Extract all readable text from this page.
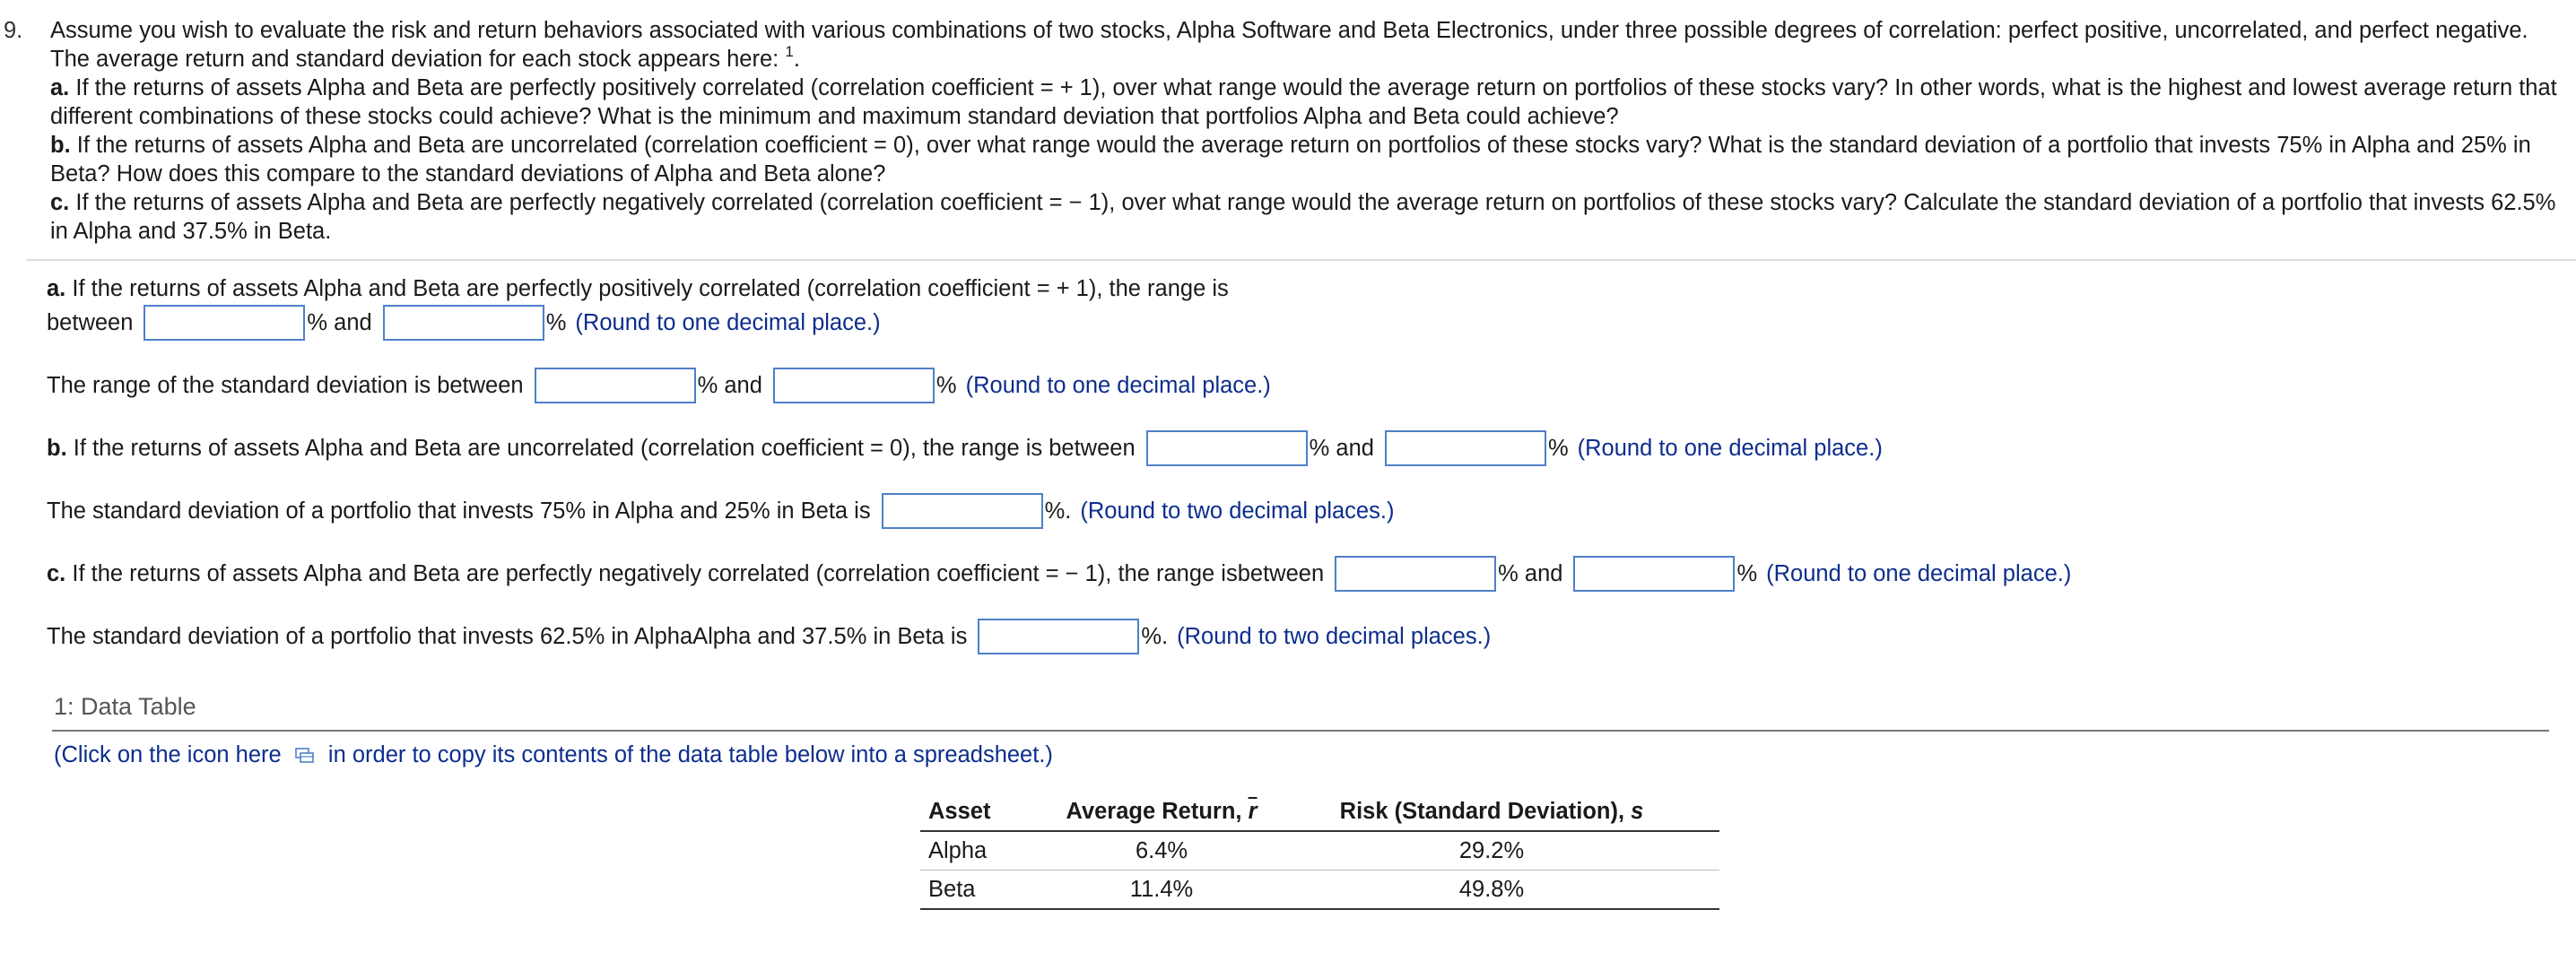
9.	Assume you wish to evaluate the risk and return behaviors associated with various combinations of two stocks, Alpha Software and Beta Electronics, under three possible degrees of correlation: perfect positive, uncorrelated, and perfect negative. The average return and standard deviation for each stock appears here: $^1$.

a. If the returns of assets Alpha and Beta are perfectly positively correlated (correlation coefficient = + 1), over what range would the average return on portfolios of these stocks vary? In other words, what is the highest and lowest average return that different combinations of these stocks could achieve? What is the minimum and maximum standard deviation that portfolios Alpha and Beta could achieve?

b. If the returns of assets Alpha and Beta are uncorrelated (correlation coefficient = 0), over what range would the average return on portfolios of these stocks vary? What is the standard deviation of a portfolio that invests 75% in Alpha and 25% in Beta? How does this compare to the standard deviations of Alpha and Beta alone?

c. If the returns of assets Alpha and Beta are perfectly negatively correlated (correlation coefficient = − 1), over what range would the average return on portfolios of these stocks vary? Calculate the standard deviation of a portfolio that invests 62.5% in Alpha and 37.5% in Beta.

a.
If the returns of assets Alpha and Beta are perfectly positively correlated (correlation coefficient = + 1), the range is
between	% and	% (Round to one decimal place.)
The range of the standard deviation is between	% and	% (Round to one decimal place.)
b.
If the returns of assets Alpha and Beta are uncorrelated (correlation coefficient = 0), the range is between	% and	% (Round to one decimal place.)
The standard deviation of a portfolio that invests 75% in Alpha and 25% in Beta is	%. (Round to two decimal places.)
c.
If the returns of assets Alpha and Beta are perfectly negatively correlated (correlation coefficient = − 1), the range isbetween	% and	% (Round to one decimal place.)
The standard deviation of a portfolio that invests 62.5% in AlphaAlpha and 37.5% in Beta is	%. (Round to two decimal places.)
1: Data Table
(Click on the icon here in order to copy its contents of the data table below into a spreadsheet.)
Asset	Average Return, $\overline{r}$	Risk (Standard Deviation), s
Alpha	6.4%	29.2%
Beta	11.4%	49.8%
